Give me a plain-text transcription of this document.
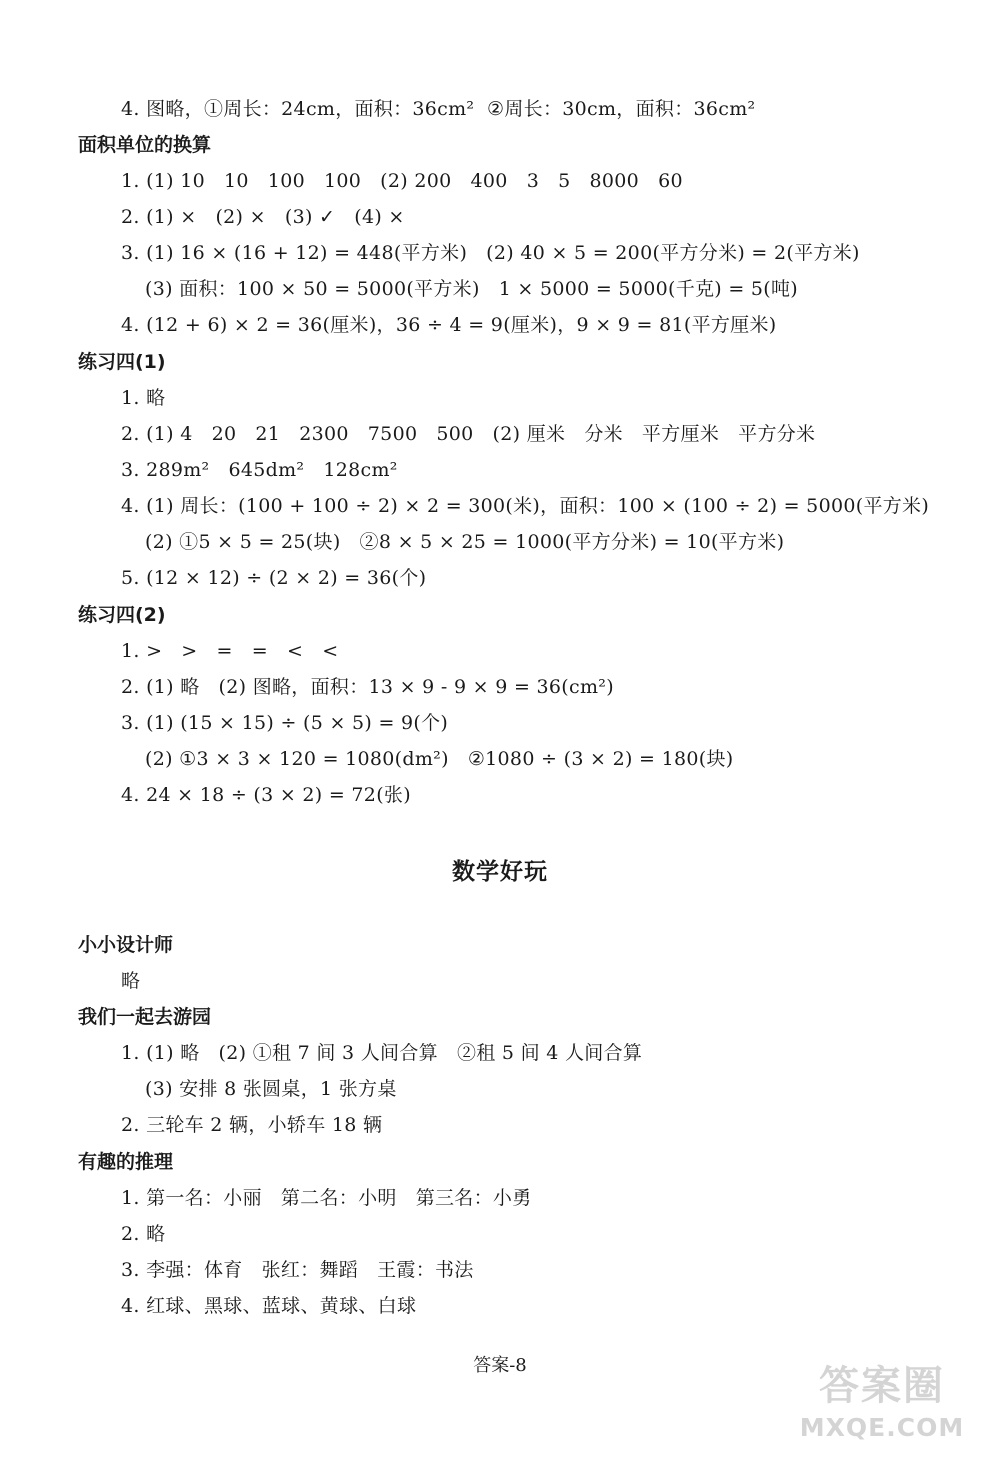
4. 图略，①周长：24cm，面积：36cm²  ②周长：30cm，面积：36cm²
面积单位的换算
1. (1) 10   10   100   100   (2) 200   400   3   5   8000   60
2. (1) ×   (2) ×   (3) ✓   (4) ×
3. (1) 16 × (16 + 12) = 448(平方米)   (2) 40 × 5 = 200(平方分米) = 2(平方米)
(3) 面积：100 × 50 = 5000(平方米)   1 × 5000 = 5000(千克) = 5(吨)
4. (12 + 6) × 2 = 36(厘米)，36 ÷ 4 = 9(厘米)，9 × 9 = 81(平方厘米)
练习四(1)
1. 略
2. (1) 4   20   21   2300   7500   500   (2) 厘米   分米   平方厘米   平方分米
3. 289m²   645dm²   128cm²
4. (1) 周长：(100 + 100 ÷ 2) × 2 = 300(米)，面积：100 × (100 ÷ 2) = 5000(平方米)
(2) ①5 × 5 = 25(块)   ②8 × 5 × 25 = 1000(平方分米) = 10(平方米)
5. (12 × 12) ÷ (2 × 2) = 36(个)
练习四(2)
1. >   >   =   =   <   <
2. (1) 略   (2) 图略，面积：13 × 9 - 9 × 9 = 36(cm²)
3. (1) (15 × 15) ÷ (5 × 5) = 9(个)
(2) ①3 × 3 × 120 = 1080(dm²)   ②1080 ÷ (3 × 2) = 180(块)
4. 24 × 18 ÷ (3 × 2) = 72(张)
数学好玩
小小设计师
略
我们一起去游园
1. (1) 略   (2) ①租 7 间 3 人间合算   ②租 5 间 4 人间合算
(3) 安排 8 张圆桌，1 张方桌
2. 三轮车 2 辆，小轿车 18 辆
有趣的推理
1. 第一名：小丽   第二名：小明   第三名：小勇
2. 略
3. 李强：体育   张红：舞蹈   王霞：书法
4. 红球、黑球、蓝球、黄球、白球
答案-8	答案圈
MXQE.COM
